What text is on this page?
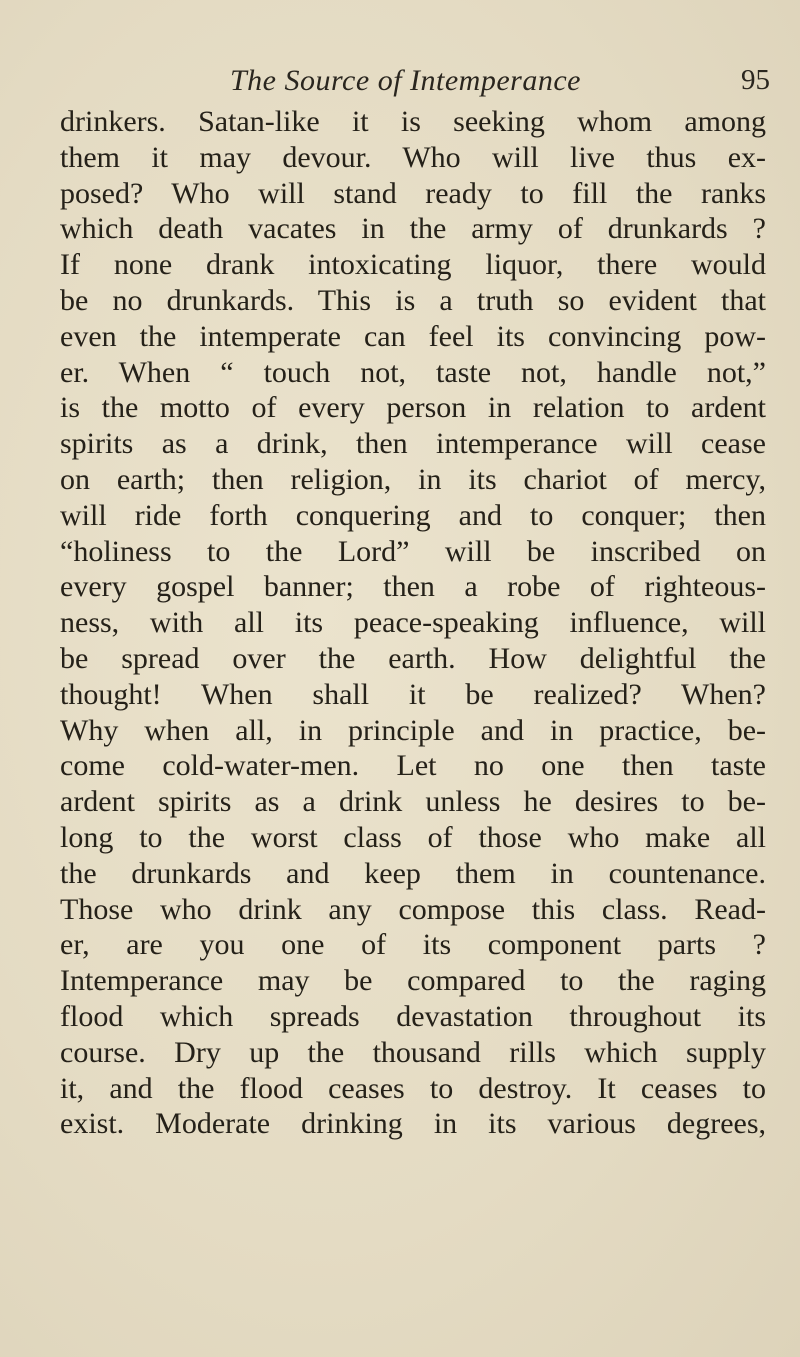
The Source of Intemperance	95
drinkers. Satan-like it is seeking whom among
them it may devour. Who will live thus ex-
posed? Who will stand ready to fill the ranks
which death vacates in the army of drunkards ?
If none drank intoxicating liquor, there would
be no drunkards. This is a truth so evident that
even the intemperate can feel its convincing pow-
er. When “ touch not, taste not, handle not,”
is the motto of every person in relation to ardent
spirits as a drink, then intemperance will cease
on earth; then religion, in its chariot of mercy,
will ride forth conquering and to conquer; then
“holiness to the Lord” will be inscribed on
every gospel banner; then a robe of righteous-
ness, with all its peace-speaking influence, will
be spread over the earth. How delightful the
thought! When shall it be realized? When?
Why when all, in principle and in practice, be-
come cold-water-men. Let no one then taste
ardent spirits as a drink unless he desires to be-
long to the worst class of those who make all
the drunkards and keep them in countenance.
Those who drink any compose this class. Read-
er, are you one of its component parts ?
Intemperance may be compared to the raging
flood which spreads devastation throughout its
course. Dry up the thousand rills which supply
it, and the flood ceases to destroy. It ceases to
exist. Moderate drinking in its various degrees,
